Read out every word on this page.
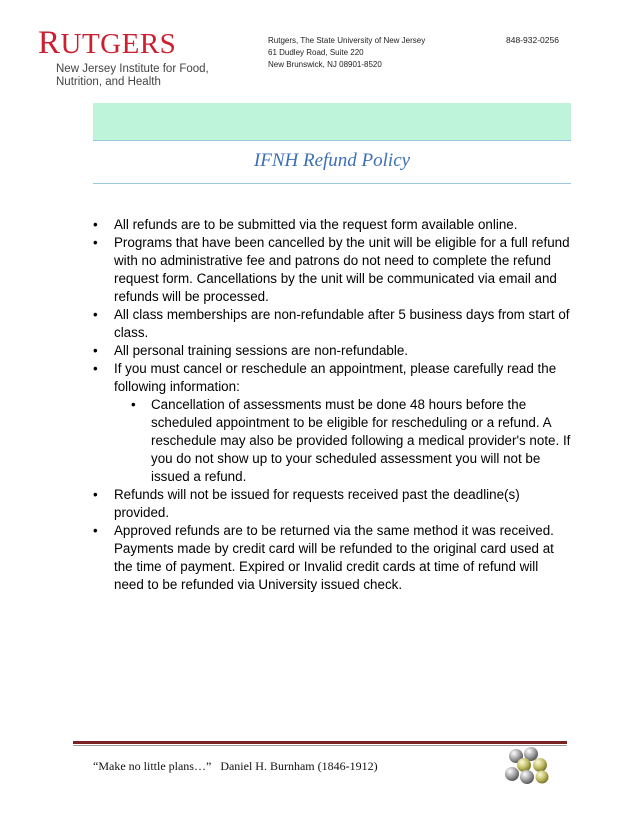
RUTGERS
New Jersey Institute for Food,
Nutrition, and Health
Rutgers, The State University of New Jersey
61 Dudley Road, Suite 220
New Brunswick, NJ 08901-8520
848-932-0256
IFNH Refund Policy
• All refunds are to be submitted via the request form available online.
• Programs that have been cancelled by the unit will be eligible for a full refund with no administrative fee and patrons do not need to complete the refund request form. Cancellations by the unit will be communicated via email and refunds will be processed.
• All class memberships are non-refundable after 5 business days from start of class.
• All personal training sessions are non-refundable.
• If you must cancel or reschedule an appointment, please carefully read the following information:
• Cancellation of assessments must be done 48 hours before the scheduled appointment to be eligible for rescheduling or a refund. A reschedule may also be provided following a medical provider's note. If you do not show up to your scheduled assessment you will not be issued a refund.
• Refunds will not be issued for requests received past the deadline(s) provided.
• Approved refunds are to be returned via the same method it was received. Payments made by credit card will be refunded to the original card used at the time of payment. Expired or Invalid credit cards at time of refund will need to be refunded via University issued check.
“Make no little plans…” Daniel H. Burnham (1846-1912)
